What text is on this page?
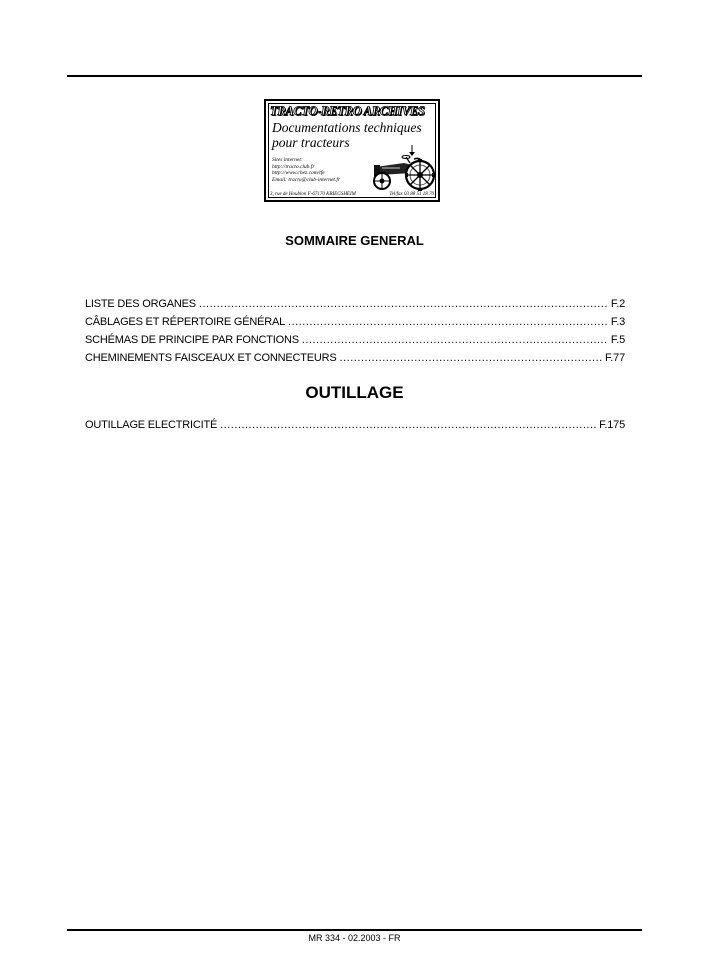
TRACTO-RETRO ARCHIVES
Documentations techniques
pour tracteurs
Sites internet:
http://tracto.club.fr
http://www.chez.com/tfe
Email: tracto@club-internet.fr
3, rue de Houblon F-67170 KRIEGSHEIM	Tel/fax 03 88 51 18 70
SOMMAIRE GENERAL
LISTE DES ORGANES .....	F.2
CÂBLAGES ET RÉPERTOIRE GÉNÉRAL .....	F.3
SCHÉMAS DE PRINCIPE PAR FONCTIONS .....	F.5
CHEMINEMENTS FAISCEAUX ET CONNECTEURS .....	F.77
OUTILLAGE
OUTILLAGE ELECTRICITÉ .....	F.175
MR 334 - 02.2003 - FR
